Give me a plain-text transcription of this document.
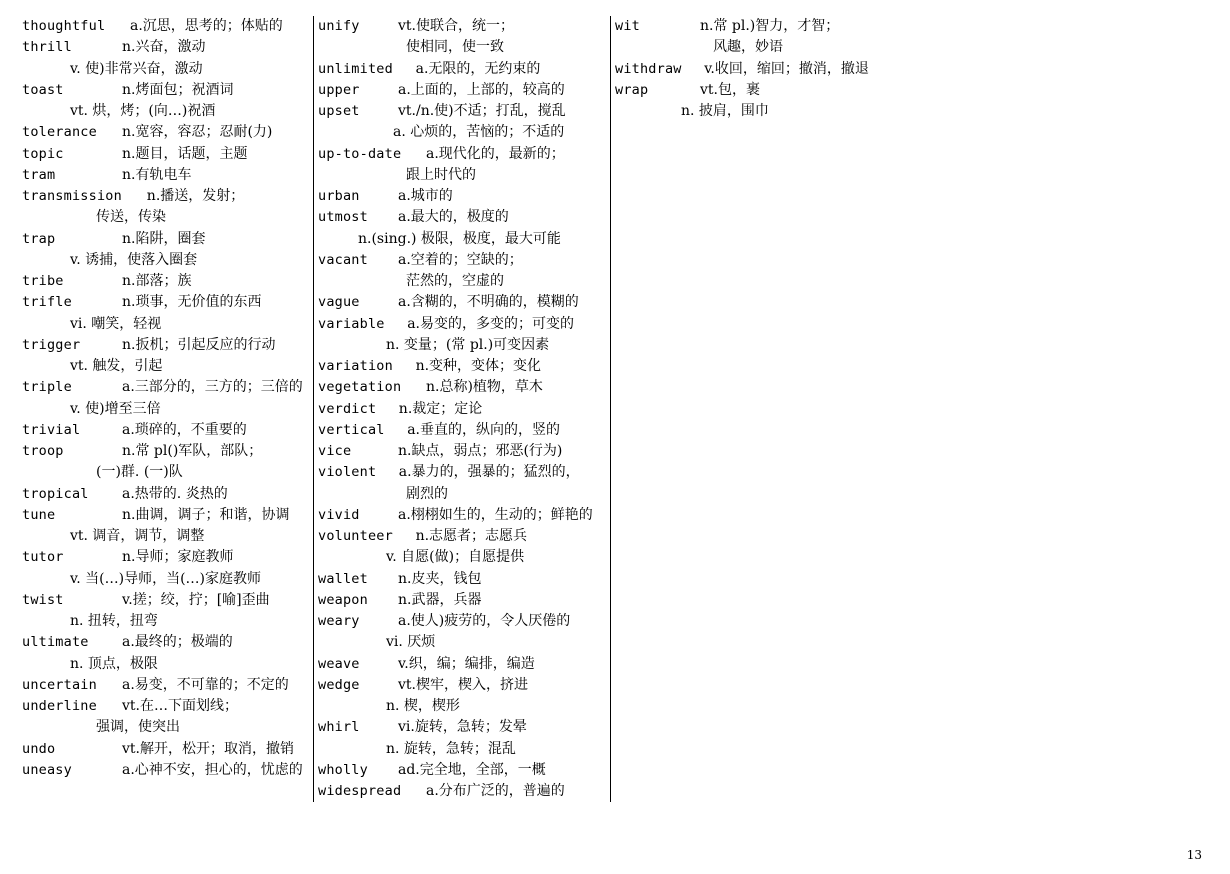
thoughtful a.沉思，思考的；体贴的
thrill	n.兴奋，激动
v. 使)非常兴奋，激动
toast	n.烤面包；祝酒词
vt. 烘，烤；(向…)祝酒
tolerance n.宽容，容忍；忍耐(力)
topic	n.题目，话题，主题
tram	n.有轨电车
transmission n.播送，发射；
传送，传染
trap	n.陷阱，圈套
v. 诱捕，使落入圈套
tribe	n.部落；族
trifle	n.琐事，无价值的东西
vi. 嘲笑，轻视
trigger	n.扳机；引起反应的行动
vt. 触发，引起
triple	a.三部分的，三方的；三倍的
v. 使)增至三倍
trivial	a.琐碎的，不重要的
troop	n.常 pl()军队，部队；
(一)群. (一)队
tropical a.热带的. 炎热的
tune	n.曲调，调子；和谐，协调
vt. 调音，调节，调整
tutor	n.导师；家庭教师
v. 当(…)导师，当(…)家庭教师
twist	v.搓；绞，拧；[喻]歪曲
n. 扭转，扭弯
ultimate a.最终的；极端的
n. 顶点，极限
uncertain a.易变，不可靠的；不定的
underline vt.在…下面划线；
强调，使突出
undo	vt.解开，松开；取消，撤销
uneasy	a.心神不安，担心的，忧虑的
unify	vt.使联合，统一；
使相同，使一致
unlimited a.无限的，无约束的
upper	a.上面的，上部的，较高的
upset	vt./n.使)不适；打乱，搅乱
a. 心烦的，苦恼的；不适的
up-to-date a.现代化的，最新的；
跟上时代的
urban	a.城市的
utmost a.最大的，极度的
n.(sing.) 极限，极度，最大可能
vacant a.空着的；空缺的；
茫然的，空虚的
vague	a.含糊的，不明确的，模糊的
variable a.易变的，多变的；可变的
n. 变量；(常 pl.)可变因素
variation n.变种，变体；变化
vegetation n.总称)植物，草木
verdict n.裁定；定论
vertical a.垂直的，纵向的，竖的
vice	n.缺点，弱点；邪恶(行为)
violent a.暴力的，强暴的；猛烈的，
剧烈的
vivid	a.栩栩如生的，生动的；鲜艳的
volunteer n.志愿者；志愿兵
v. 自愿(做)；自愿提供
wallet n.皮夹，钱包
weapon n.武器，兵器
weary	a.使人)疲劳的，令人厌倦的
vi. 厌烦
weave	v.织，编；编排，编造
wedge	vt.楔牢，楔入，挤进
n. 楔，楔形
whirl	vi.旋转，急转；发晕
n. 旋转，急转；混乱
wholly ad.完全地，全部，一概
widespread a.分布广泛的，普遍的
wit	n.常 pl.)智力，才智；
风趣，妙语
withdraw v.收回，缩回；撤消，撤退
wrap	vt.包，裹
n. 披肩，围巾
13
